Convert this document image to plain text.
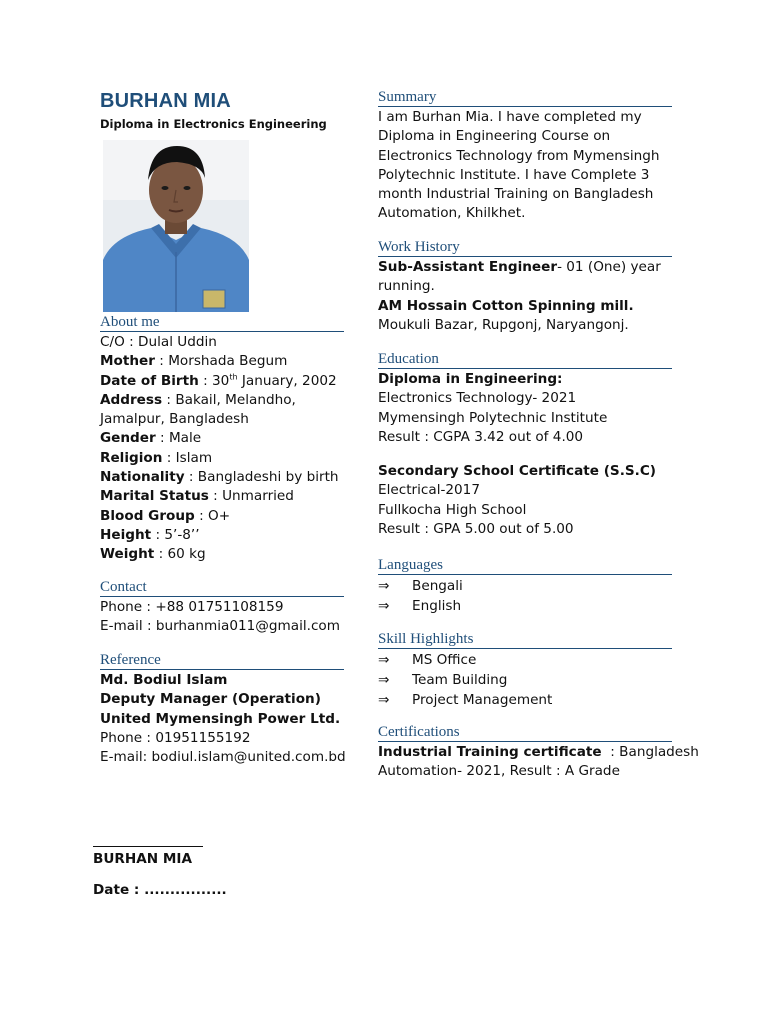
BURHAN MIA

Diploma in Electronics Engineering

About me
C/O : Dulal Uddin
Mother : Morshada Begum
Date of Birth : 30th January, 2002
Address : Bakail, Melandho,
Jamalpur, Bangladesh
Gender : Male
Religion : Islam
Nationality : Bangladeshi by birth
Marital Status : Unmarried
Blood Group : O+
Height : 5’-8’’
Weight : 60 kg
Contact
Phone : +88 01751108159
E-mail : burhanmia011@gmail.com
Reference
Md. Bodiul Islam
Deputy Manager (Operation)
United Mymensingh Power Ltd.
Phone : 01951155192
E-mail: bodiul.islam@united.com.bd
Summary
I am Burhan Mia. I have completed my
Diploma in Engineering Course on
Electronics Technology from Mymensingh
Polytechnic Institute. I have Complete 3
month Industrial Training on Bangladesh
Automation, Khilkhet.
Work History
Sub-Assistant Engineer- 01 (One) year
running.
AM Hossain Cotton Spinning mill.
Moukuli Bazar, Rupgonj, Naryangonj.
Education
Diploma in Engineering:
Electronics Technology- 2021
Mymensingh Polytechnic Institute
Result : CGPA 3.42 out of 4.00
Secondary School Certificate (S.S.C)
Electrical-2017
Fullkocha High School
Result : GPA 5.00 out of 5.00
Languages
⇒ Bengali
⇒ English
Skill Highlights
⇒ MS Office
⇒ Team Building
⇒ Project Management
Certifications
Industrial Training certificate  : Bangladesh
Automation- 2021, Result : A Grade
BURHAN MIA
Date : ................
